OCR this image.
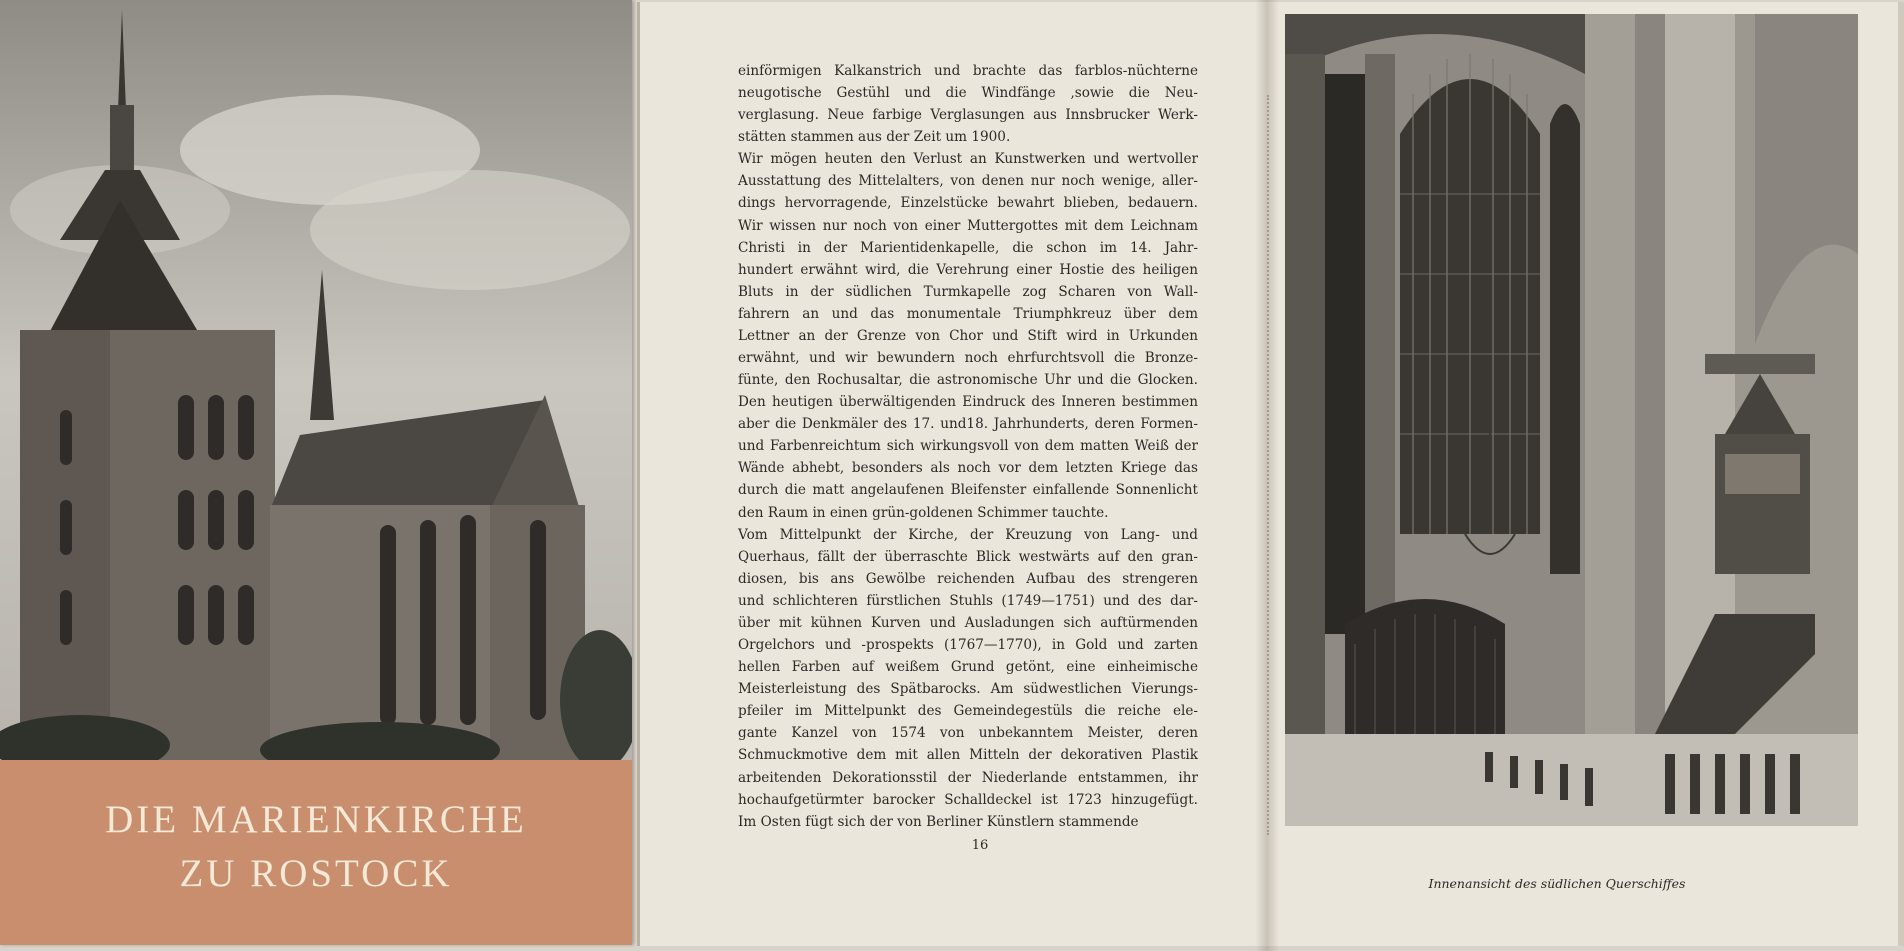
DIE MARIENKIRCHE
ZU ROSTOCK
einförmigen Kalkanstrich und brachte das farblos-nüchterne
neugotische Gestühl und die Windfänge ,sowie die Neu-
verglasung. Neue farbige Verglasungen aus Innsbrucker Werk-
stätten stammen aus der Zeit um 1900.
Wir mögen heuten den Verlust an Kunstwerken und wertvoller
Ausstattung des Mittelalters, von denen nur noch wenige, aller-
dings hervorragende, Einzelstücke bewahrt blieben, bedauern.
Wir wissen nur noch von einer Muttergottes mit dem Leichnam
Christi in der Marientidenkapelle, die schon im 14. Jahr-
hundert erwähnt wird, die Verehrung einer Hostie des heiligen
Bluts in der südlichen Turmkapelle zog Scharen von Wall-
fahrern an und das monumentale Triumphkreuz über dem
Lettner an der Grenze von Chor und Stift wird in Urkunden
erwähnt, und wir bewundern noch ehrfurchtsvoll die Bronze-
fünte, den Rochusaltar, die astronomische Uhr und die Glocken.
Den heutigen überwältigenden Eindruck des Inneren bestimmen
aber die Denkmäler des 17. und18. Jahrhunderts, deren Formen-
und Farbenreichtum sich wirkungsvoll von dem matten Weiß der
Wände abhebt, besonders als noch vor dem letzten Kriege das
durch die matt angelaufenen Bleifenster einfallende Sonnenlicht
den Raum in einen grün-goldenen Schimmer tauchte.
Vom Mittelpunkt der Kirche, der Kreuzung von Lang- und
Querhaus, fällt der überraschte Blick westwärts auf den gran-
diosen, bis ans Gewölbe reichenden Aufbau des strengeren
und schlichteren fürstlichen Stuhls (1749—1751) und des dar-
über mit kühnen Kurven und Ausladungen sich auftürmenden
Orgelchors und -prospekts (1767—1770), in Gold und zarten
hellen Farben auf weißem Grund getönt, eine einheimische
Meisterleistung des Spätbarocks. Am südwestlichen Vierungs-
pfeiler im Mittelpunkt des Gemeindegestüls die reiche ele-
gante Kanzel von 1574 von unbekanntem Meister, deren
Schmuckmotive dem mit allen Mitteln der dekorativen Plastik
arbeitenden Dekorationsstil der Niederlande entstammen, ihr
hochaufgetürmter barocker Schalldeckel ist 1723 hinzugefügt.
Im Osten fügt sich der von Berliner Künstlern stammende
16
Innenansicht des südlichen Querschiffes
